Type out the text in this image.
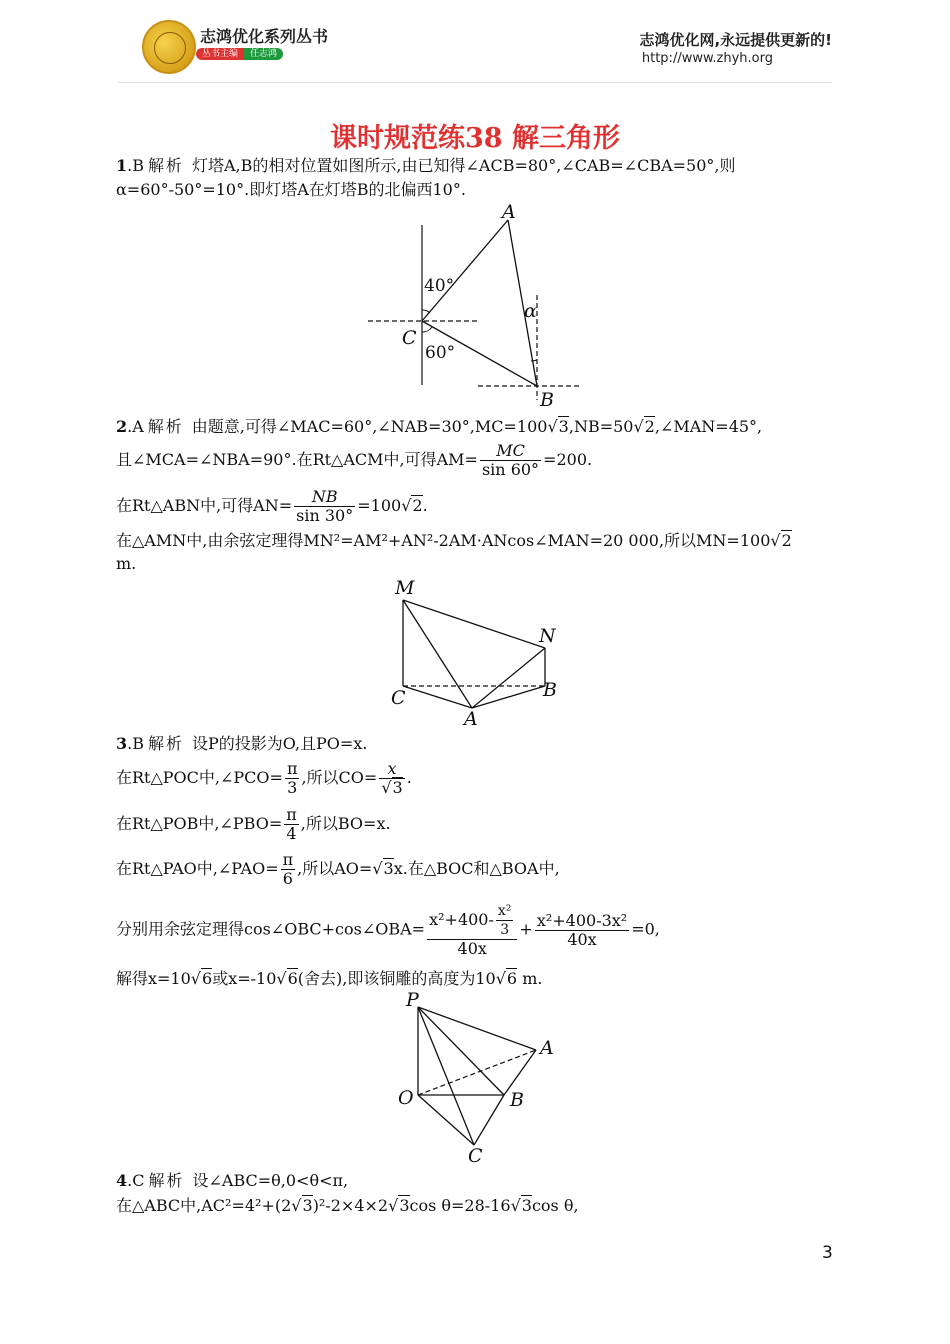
志鸿优化系列丛书
丛书主编	任志鸿
志鸿优化网,永远提供更新的!
http://www.zhyh.org
课时规范练38 解三角形
1.B 解析 灯塔A,B的相对位置如图所示,由已知得∠ACB=80°,∠CAB=∠CBA=50°,则
α=60°-50°=10°.即灯塔A在灯塔B的北偏西10°.
A
B
C
40°
60°
α
2.A 解析 由题意,可得∠MAC=60°,∠NAB=30°,MC=100√3,NB=50√2,∠MAN=45°,
且∠MCA=∠NBA=90°.在Rt△ACM中,可得$AM= \frac{MC}{\sin 60^\circ} =200$.
在Rt△ABN中,可得$AN= \frac{NB}{\sin 30^\circ} =100√2$.
在△AMN中,由余弦定理得MN²=AM²+AN²-2AM·ANcos∠MAN=20 000,所以MN=100√2
m.
M
N
C
A
B
3.B 解析 设P的投影为O,且PO=x.
在Rt△POC中,∠PCO= $\frac{\pi}{3}$ ,所以$CO= \frac{x}{√3}$ .
在Rt△POB中,∠PBO= $\frac{\pi}{4}$ ,所以BO=x.
在Rt△PAO中,∠PAO= $\frac{\pi}{6}$ ,所以AO=√3x.在△BOC和△BOA中,
分别用余弦定理得cos∠OBC+cos∠OBA= $\frac{x^2+400- \frac{\text{x²}}{3}}{40x} + \frac{\text{x²+400-3x²}}{40x} =0$,
解得x=10√6或x=-10√6(舍去),即该铜雕的高度为10√6 m.
P
A
O	B
C
4.C 解析 设∠ABC=θ,0<θ<π,
在△ABC中,AC²=4²+(2√3)²-2×4×2√3cos θ=28-16√3cos θ,
3
